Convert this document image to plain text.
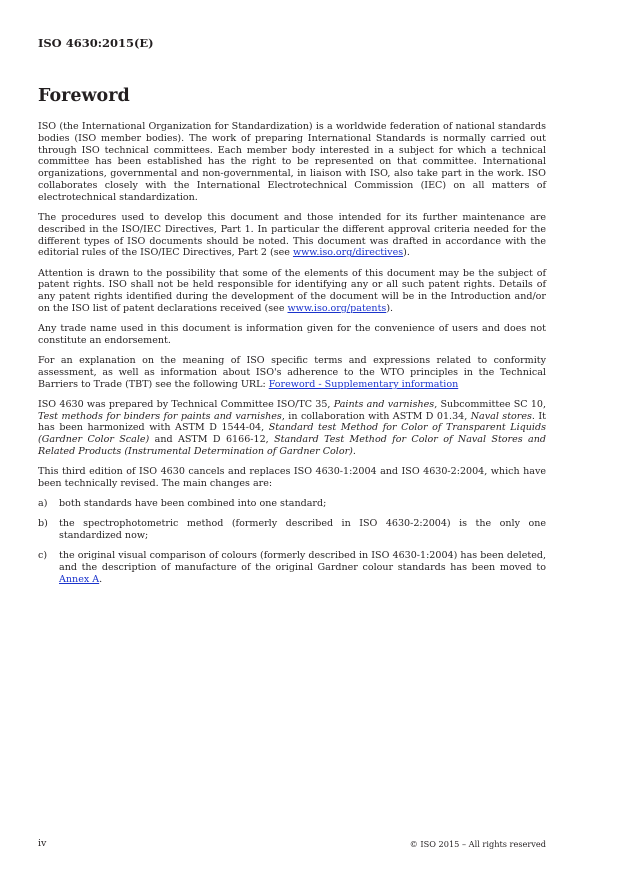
ISO 4630:2015(E)
Foreword

ISO (the International Organization for Standardization) is a worldwide federation of national standards bodies (ISO member bodies). The work of preparing International Standards is normally carried out through ISO technical committees. Each member body interested in a subject for which a technical committee has been established has the right to be represented on that committee. International organizations, governmental and non-governmental, in liaison with ISO, also take part in the work. ISO collaborates closely with the International Electrotechnical Commission (IEC) on all matters of electrotechnical standardization.

The procedures used to develop this document and those intended for its further maintenance are described in the ISO/IEC Directives, Part 1. In particular the different approval criteria needed for the different types of ISO documents should be noted. This document was drafted in accordance with the editorial rules of the ISO/IEC Directives, Part 2 (see www.iso.org/directives).

Attention is drawn to the possibility that some of the elements of this document may be the subject of patent rights. ISO shall not be held responsible for identifying any or all such patent rights. Details of any patent rights identified during the development of the document will be in the Introduction and/or on the ISO list of patent declarations received (see www.iso.org/patents).

Any trade name used in this document is information given for the convenience of users and does not constitute an endorsement.

For an explanation on the meaning of ISO specific terms and expressions related to conformity assessment, as well as information about ISO's adherence to the WTO principles in the Technical Barriers to Trade (TBT) see the following URL: Foreword - Supplementary information

ISO 4630 was prepared by Technical Committee ISO/TC 35, Paints and varnishes, Subcommittee SC 10, Test methods for binders for paints and varnishes, in collaboration with ASTM D 01.34, Naval stores. It has been harmonized with ASTM D 1544-04, Standard test Method for Color of Transparent Liquids (Gardner Color Scale) and ASTM D 6166-12, Standard Test Method for Color of Naval Stores and Related Products (Instrumental Determination of Gardner Color).

This third edition of ISO 4630 cancels and replaces ISO 4630-1:2004 and ISO 4630-2:2004, which have been technically revised. The main changes are:

a) both standards have been combined into one standard;
b) the spectrophotometric method (formerly described in ISO 4630-2:2004) is the only one standardized now;
c) the original visual comparison of colours (formerly described in ISO 4630-1:2004) has been deleted, and the description of manufacture of the original Gardner colour standards has been moved to Annex A.
iv	© ISO 2015 – All rights reserved
